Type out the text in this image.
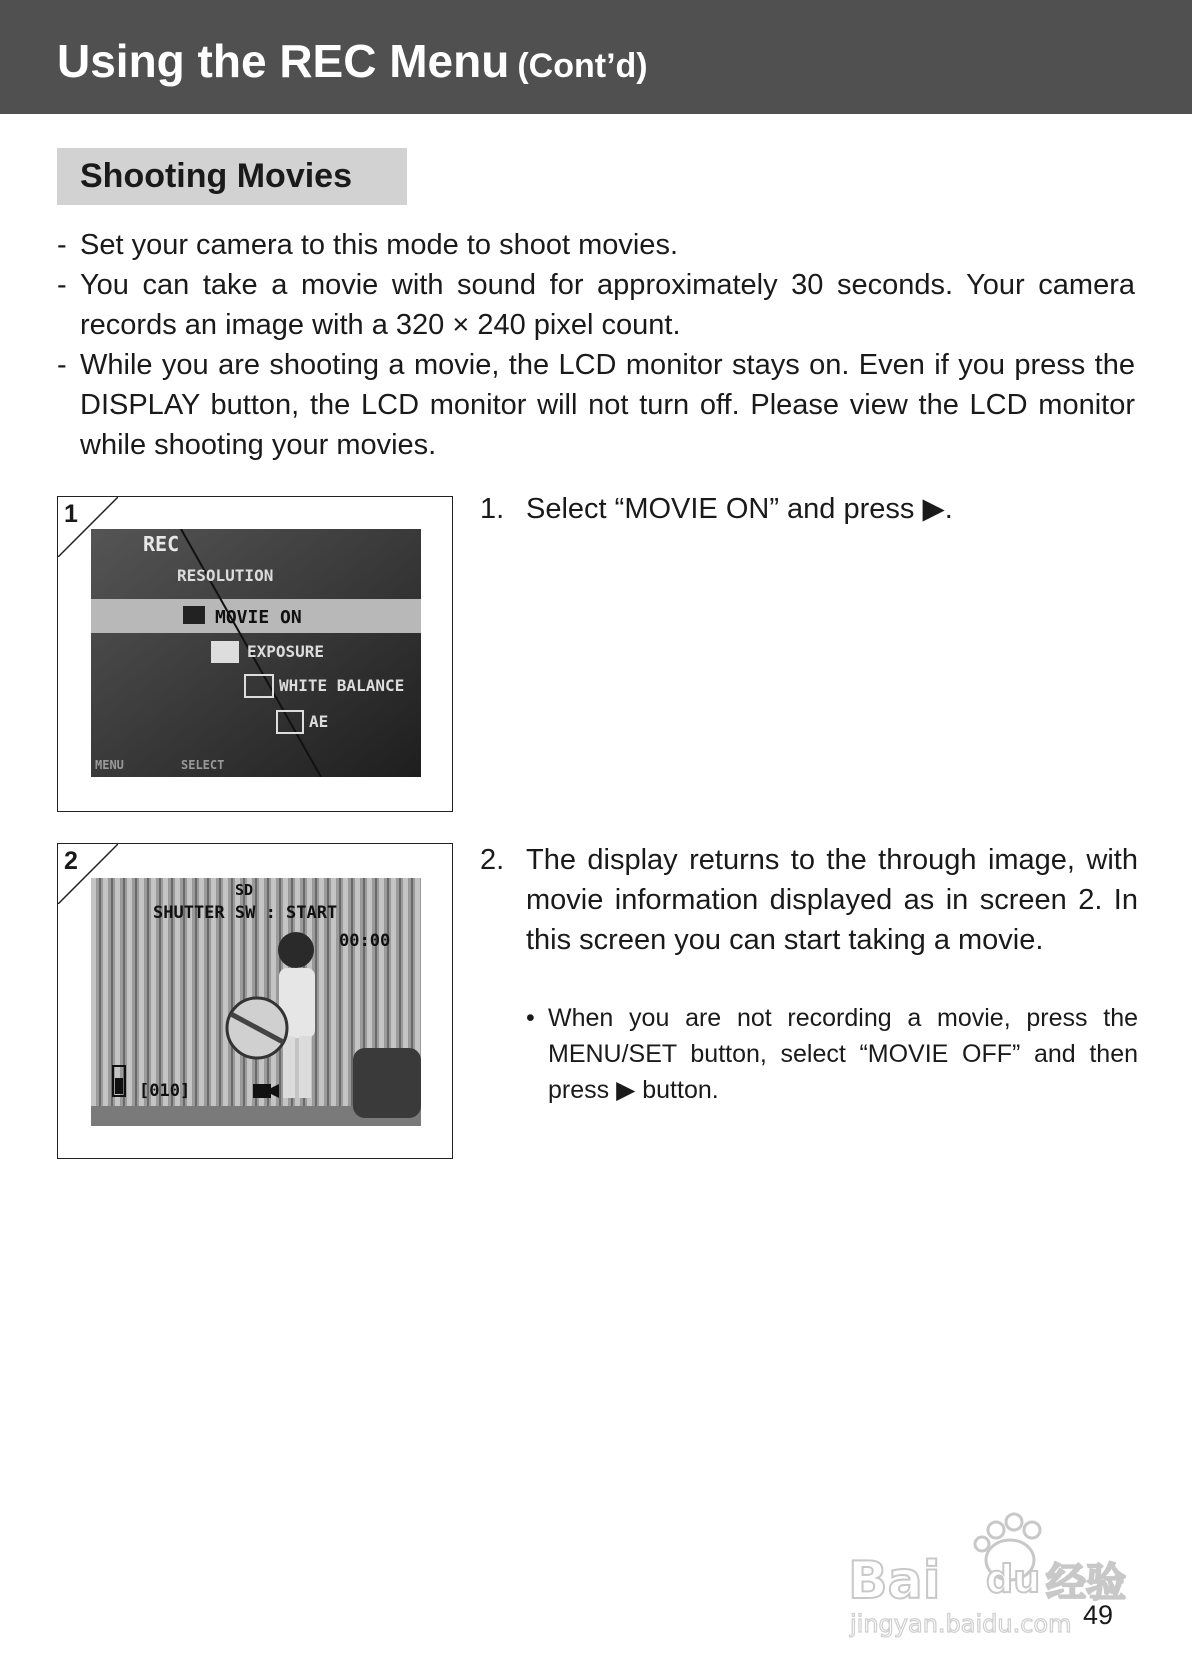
Using the REC Menu (Cont’d)
Shooting Movies
- Set your camera to this mode to shoot movies.
- You can take a movie with sound for approximately 30 seconds. Your camera records an image with a 320 × 240 pixel count.
- While you are shooting a movie, the LCD monitor stays on. Even if you press the DISPLAY button, the LCD monitor will not turn off. Please view the LCD monitor while shooting your movies.
1
REC
RESOLUTION
MOVIE ON
EXPOSURE
WHITE BALANCE
AE
MENU	SELECT
2
SD
SHUTTER SW : START
00:00
[010]

1. Select “MOVIE ON” and press ▶.

2. The display returns to the through image, with movie information displayed as in screen 2. In this screen you can start taking a movie.

• When you are not recording a movie, press the MENU/SET button, select “MOVIE OFF” and then press ▶ button.

Bai du 经验
jingyan.baidu.com 49
